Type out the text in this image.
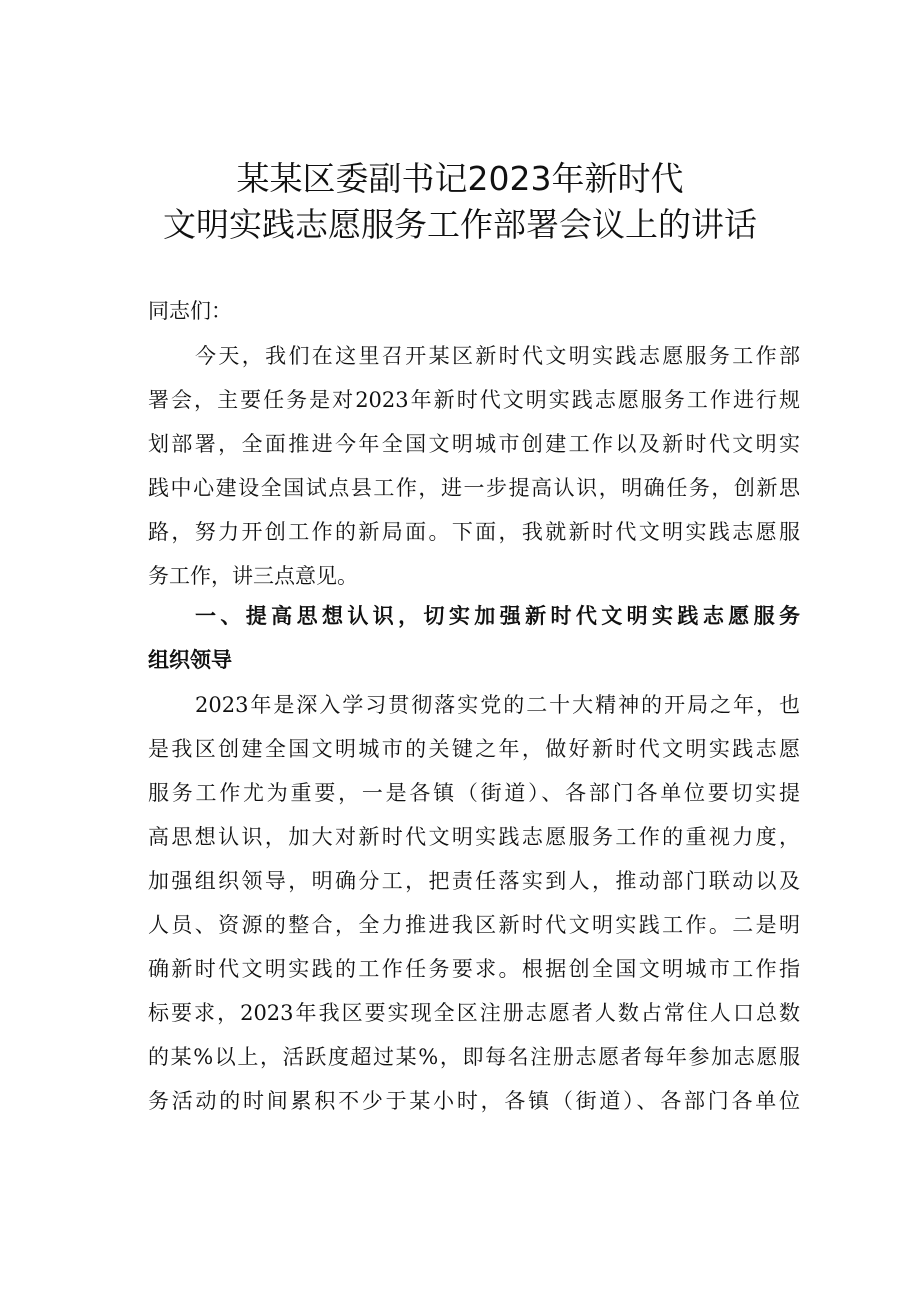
某某区委副书记2023年新时代
文明实践志愿服务工作部署会议上的讲话
同志们：
今天，我们在这里召开某区新时代文明实践志愿服务工作部
署会，主要任务是对2023年新时代文明实践志愿服务工作进行规
划部署，全面推进今年全国文明城市创建工作以及新时代文明实
践中心建设全国试点县工作，进一步提高认识，明确任务，创新思
路，努力开创工作的新局面。下面，我就新时代文明实践志愿服
务工作，讲三点意见。
一、提高思想认识，切实加强新时代文明实践志愿服务
组织领导
2023年是深入学习贯彻落实党的二十大精神的开局之年，也
是我区创建全国文明城市的关键之年，做好新时代文明实践志愿
服务工作尤为重要，一是各镇（街道）、各部门各单位要切实提
高思想认识，加大对新时代文明实践志愿服务工作的重视力度，
加强组织领导，明确分工，把责任落实到人，推动部门联动以及
人员、资源的整合，全力推进我区新时代文明实践工作。二是明
确新时代文明实践的工作任务要求。根据创全国文明城市工作指
标要求，2023年我区要实现全区注册志愿者人数占常住人口总数
的某%以上，活跃度超过某%，即每名注册志愿者每年参加志愿服
务活动的时间累积不少于某小时，各镇（街道）、各部门各单位
